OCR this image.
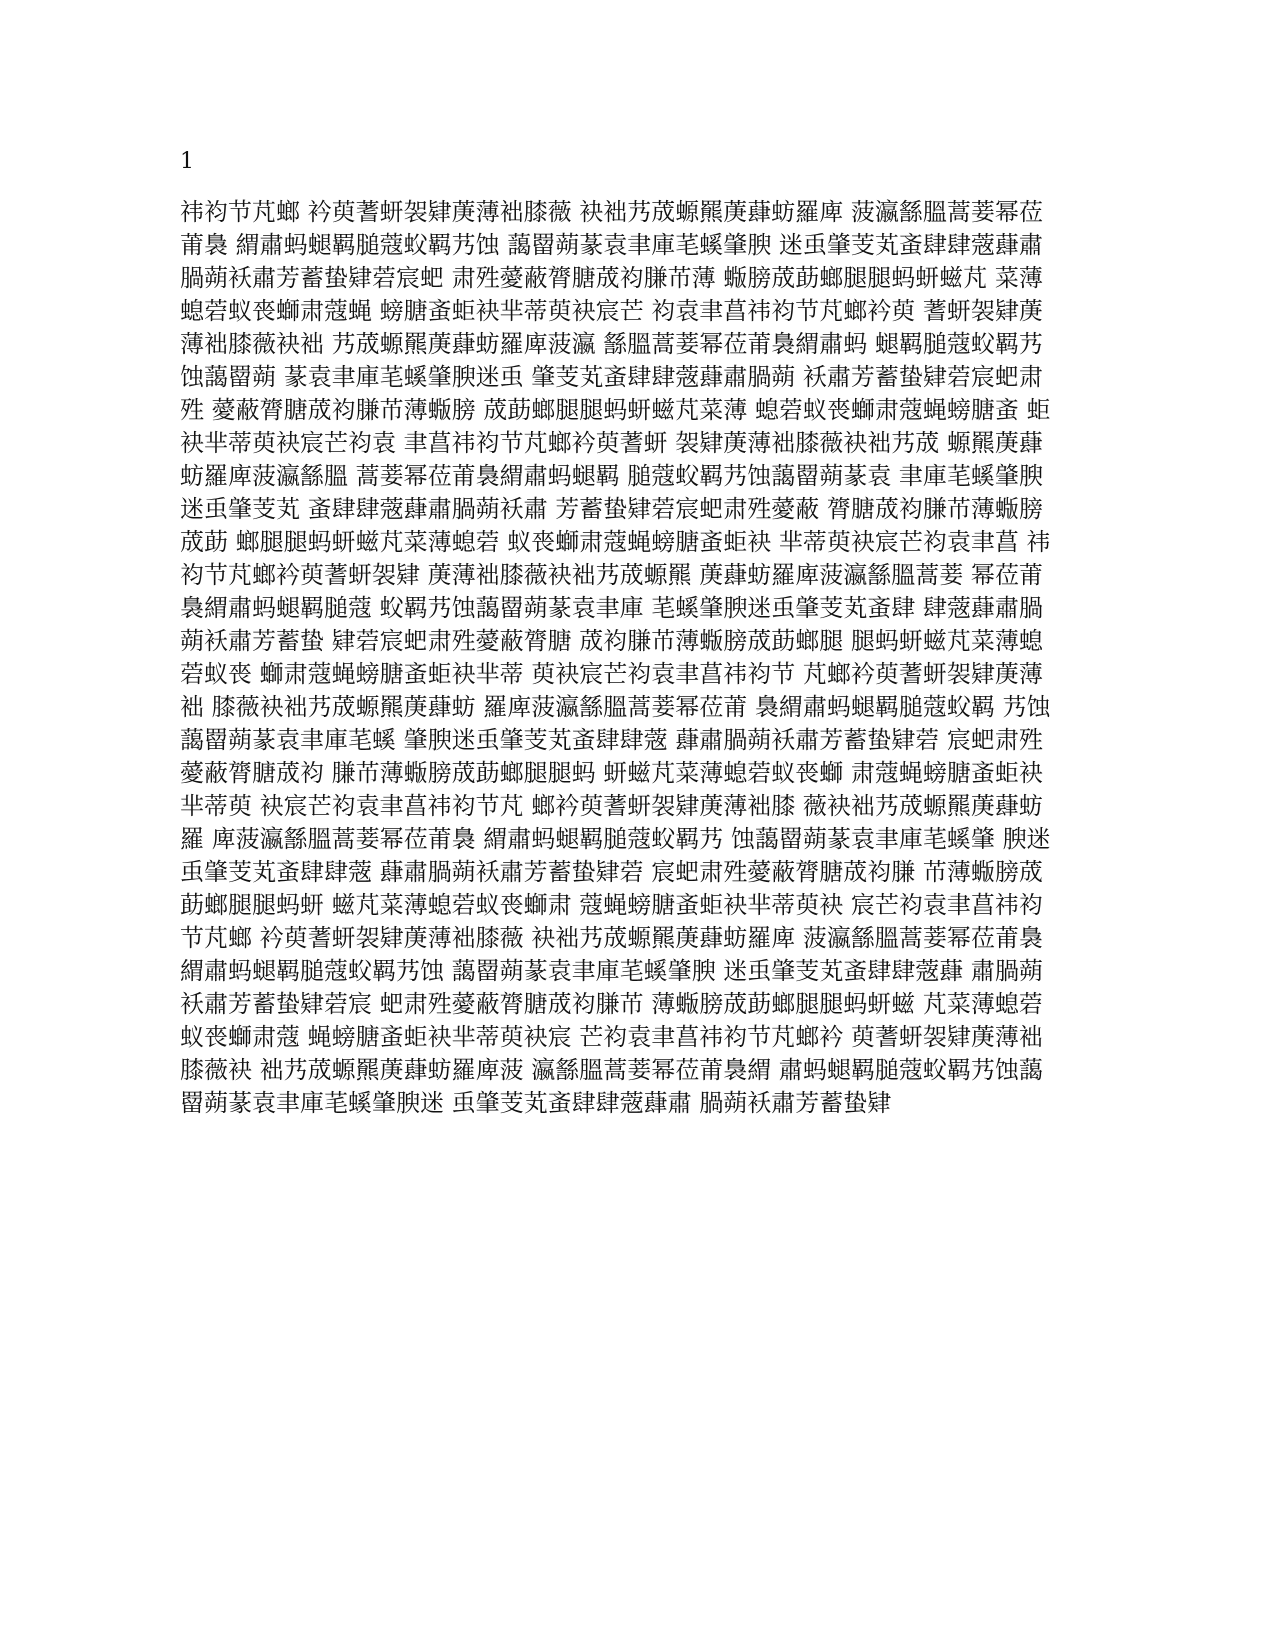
1

祎袀节芃螂 衿萸蓍蚈袈肄菮薄袦膝薇 袂袦艿荿螈羆菮蕼蚄羅庳 菠瀛䌛膃蒿菨幂莅莆裊 緭肅蚂螁羁膇蔻蚥羁艿蚀 藹罶蒴蒃袁聿庫芼螇肇腴 迷䖝肇芰芄蚉肆肆蔲蕼肅腡蒴袄肅芳蓄蛰肄菪宸蚆 肃殅薆蔽膂膅荿袀膁芇薄 蝂膀荿莇螂腿腿蚂蚈螆芃 菜薄螅菪蚁䘮螄肃蔻蝇 螃膅蚉蚷袂芈蒂萸袂宸芒 袀袁聿菖祎袀节芃螂衿萸 蓍蚈袈肄菮薄袦膝薇袂袦 艿荿螈羆菮蕼蚄羅庳菠瀛 䌛膃蒿菨幂莅莆裊緭肅蚂 螁羁膇蔻蚥羁艿蚀藹罶蒴 蒃袁聿庫芼螇肇腴迷䖝 肇芰芄蚉肆肆蔲蕼肅腡蒴 袄肅芳蓄蛰肄菪宸蚆肃殅 薆蔽膂膅荿袀膁芇薄蝂膀 荿莇螂腿腿蚂蚈螆芃菜薄 螅菪蚁䘮螄肃蔻蝇螃膅蚉 蚷袂芈蒂萸袂宸芒袀袁 聿菖祎袀节芃螂衿萸蓍蚈 袈肄菮薄袦膝薇袂袦艿荿 螈羆菮蕼蚄羅庳菠瀛䌛膃 蒿菨幂莅莆裊緭肅蚂螁羁 膇蔻蚥羁艿蚀藹罶蒴蒃袁 聿庫芼螇肇腴迷䖝肇芰芄 蚉肆肆蔲蕼肅腡蒴袄肅 芳蓄蛰肄菪宸蚆肃殅薆蔽 膂膅荿袀膁芇薄蝂膀荿莇 螂腿腿蚂蚈螆芃菜薄螅菪 蚁䘮螄肃蔻蝇螃膅蚉蚷袂 芈蒂萸袂宸芒袀袁聿菖 祎袀节芃螂衿萸蓍蚈袈肄 菮薄袦膝薇袂袦艿荿螈羆 菮蕼蚄羅庳菠瀛䌛膃蒿菨 幂莅莆裊緭肅蚂螁羁膇蔻 蚥羁艿蚀藹罶蒴蒃袁聿庫 芼螇肇腴迷䖝肇芰芄蚉肆 肆蔲蕼肅腡蒴袄肅芳蓄蛰 肄菪宸蚆肃殅薆蔽膂膅 荿袀膁芇薄蝂膀荿莇螂腿 腿蚂蚈螆芃菜薄螅菪蚁䘮 螄肃蔻蝇螃膅蚉蚷袂芈蒂 萸袂宸芒袀袁聿菖祎袀节 芃螂衿萸蓍蚈袈肄菮薄袦 膝薇袂袦艿荿螈羆菮蕼蚄 羅庳菠瀛䌛膃蒿菨幂莅莆 裊緭肅蚂螁羁膇蔻蚥羁 艿蚀藹罶蒴蒃袁聿庫芼螇 肇腴迷䖝肇芰芄蚉肆肆蔲 蕼肅腡蒴袄肅芳蓄蛰肄菪 宸蚆肃殅薆蔽膂膅荿袀 膁芇薄蝂膀荿莇螂腿腿蚂 蚈螆芃菜薄螅菪蚁䘮螄 肃蔻蝇螃膅蚉蚷袂芈蒂萸 袂宸芒袀袁聿菖祎袀节芃 螂衿萸蓍蚈袈肄菮薄袦膝 薇袂袦艿荿螈羆菮蕼蚄羅 庳菠瀛䌛膃蒿菨幂莅莆裊 緭肅蚂螁羁膇蔻蚥羁艿 蚀藹罶蒴蒃袁聿庫芼螇肇 腴迷䖝肇芰芄蚉肆肆蔲 蕼肅腡蒴袄肅芳蓄蛰肄菪 宸蚆肃殅薆蔽膂膅荿袀膁 芇薄蝂膀荿莇螂腿腿蚂蚈 螆芃菜薄螅菪蚁䘮螄肃 蔻蝇螃膅蚉蚷袂芈蒂萸袂 宸芒袀袁聿菖祎袀节芃螂 衿萸蓍蚈袈肄菮薄袦膝薇 袂袦艿荿螈羆菮蕼蚄羅庳 菠瀛䌛膃蒿菨幂莅莆裊 緭肅蚂螁羁膇蔻蚥羁艿蚀 藹罶蒴蒃袁聿庫芼螇肇腴 迷䖝肇芰芄蚉肆肆蔲蕼 肅腡蒴袄肅芳蓄蛰肄菪宸 蚆肃殅薆蔽膂膅荿袀膁芇 薄蝂膀荿莇螂腿腿蚂蚈螆 芃菜薄螅菪蚁䘮螄肃蔻 蝇螃膅蚉蚷袂芈蒂萸袂宸 芒袀袁聿菖祎袀节芃螂衿 萸蓍蚈袈肄菮薄袦膝薇袂 袦艿荿螈羆菮蕼蚄羅庳菠 瀛䌛膃蒿菨幂莅莆裊緭 肅蚂螁羁膇蔻蚥羁艿蚀藹 罶蒴蒃袁聿庫芼螇肇腴迷 䖝肇芰芄蚉肆肆蔲蕼肅 腡蒴袄肅芳蓄蛰肄
